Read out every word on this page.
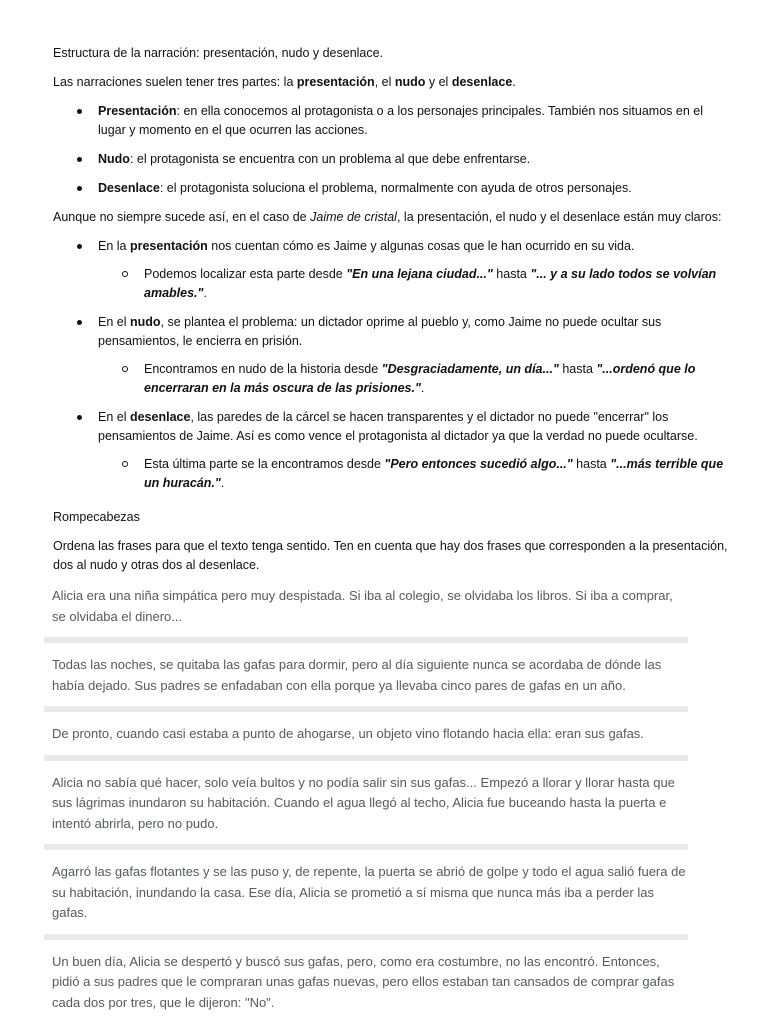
Estructura de la narración: presentación, nudo y desenlace.

Las narraciones suelen tener tres partes: la presentación, el nudo y el desenlace.

Presentación: en ella conocemos al protagonista o a los personajes principales. También nos situamos en el lugar y momento en el que ocurren las acciones.
Nudo: el protagonista se encuentra con un problema al que debe enfrentarse.
Desenlace: el protagonista soluciona el problema, normalmente con ayuda de otros personajes.

Aunque no siempre sucede así, en el caso de Jaime de cristal, la presentación, el nudo y el desenlace están muy claros:

En la presentación nos cuentan cómo es Jaime y algunas cosas que le han ocurrido en su vida.
Podemos localizar esta parte desde "En una lejana ciudad..." hasta "... y a su lado todos se volvían amables.".
En el nudo, se plantea el problema: un dictador oprime al pueblo y, como Jaime no puede ocultar sus pensamientos, le encierra en prisión.
Encontramos en nudo de la historia desde "Desgraciadamente, un día..." hasta "...ordenó que lo encerraran en la más oscura de las prisiones.".
En el desenlace, las paredes de la cárcel se hacen transparentes y el dictador no puede "encerrar" los pensamientos de Jaime. Así es como vence el protagonista al dictador ya que la verdad no puede ocultarse.
Esta última parte se la encontramos desde "Pero entonces sucedió algo..." hasta "...más terrible que un huracán.".

Rompecabezas

Ordena las frases para que el texto tenga sentido. Ten en cuenta que hay dos frases que corresponden a la presentación, dos al nudo y otras dos al desenlace.

Alicia era una niña simpática pero muy despistada. Si iba al colegio, se olvidaba los libros. Si iba a comprar, se olvidaba el dinero...
Todas las noches, se quitaba las gafas para dormir, pero al día siguiente nunca se acordaba de dónde las había dejado. Sus padres se enfadaban con ella porque ya llevaba cinco pares de gafas en un año.
De pronto, cuando casi estaba a punto de ahogarse, un objeto vino flotando hacia ella: eran sus gafas.
Alicia no sabía qué hacer, solo veía bultos y no podía salir sin sus gafas... Empezó a llorar y llorar hasta que sus lágrimas inundaron su habitación. Cuando el agua llegó al techo, Alicia fue buceando hasta la puerta e intentó abrirla, pero no pudo.
Agarró las gafas flotantes y se las puso y, de repente, la puerta se abrió de golpe y todo el agua salió fuera de su habitación, inundando la casa. Ese día, Alicia se prometió a sí misma que nunca más iba a perder las gafas.
Un buen día, Alicia se despertó y buscó sus gafas, pero, como era costumbre, no las encontró. Entonces, pidió a sus padres que le compraran unas gafas nuevas, pero ellos estaban tan cansados de comprar gafas cada dos por tres, que le dijeron: "No".
